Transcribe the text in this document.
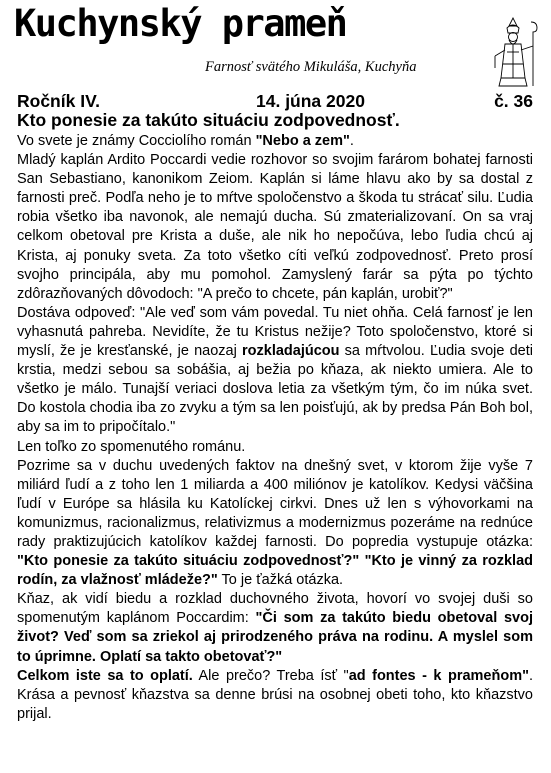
Kuchynský prameň
Farnosť svätého Mikuláša, Kuchyňa
Ročník IV.	14. júna 2020	č. 36
Kto ponesie za takúto situáciu zodpovednosť.

Vo svete je známy Cocciolího román "Nebo a zem".

Mladý kaplán Ardito Poccardi vedie rozhovor so svojim farárom bohatej farnosti San Sebastiano, kanonikom Zeiom. Kaplán si láme hlavu ako by sa dostal z farnosti preč. Podľa neho je to mŕtve spoločenstvo a škoda tu strácať silu. Ľudia robia všetko iba navonok, ale nemajú ducha. Sú zmaterializovaní. On sa vraj celkom obetoval pre Krista a duše, ale nik ho nepočúva, lebo ľudia chcú aj Krista, aj ponuky sveta. Za toto všetko cíti veľkú zodpovednosť. Preto prosí svojho principála, aby mu pomohol. Zamyslený farár sa pýta po týchto zdôrazňovaných dôvodoch: "A prečo to chcete, pán kaplán, urobiť?"

Dostáva odpoveď: "Ale veď som vám povedal. Tu niet ohňa. Celá farnosť je len vyhasnutá pahreba. Nevidíte, že tu Kristus nežije? Toto spoločenstvo, ktoré si myslí, že je kresťanské, je naozaj rozkladajúcou sa mŕtvolou. Ľudia svoje deti krstia, medzi sebou sa sobášia, aj bežia po kňaza, ak niekto umiera. Ale to všetko je málo. Tunajší veriaci doslova letia za všetkým tým, čo im núka svet. Do kostola chodia iba zo zvyku a tým sa len poisťujú, ak by predsa Pán Boh bol, aby sa im to pripočítalo."

Len toľko zo spomenutého románu.

Pozrime sa v duchu uvedených faktov na dnešný svet, v ktorom žije vyše 7 miliárd ľudí a z toho len 1 miliarda a 400 miliónov je katolíkov. Kedysi väčšina ľudí v Európe sa hlásila ku Katolíckej cirkvi. Dnes už len s výhovorkami na komunizmus, racionalizmus, relativizmus a modernizmus pozeráme na rednúce rady praktizujúcich katolíkov každej farnosti. Do popredia vystupuje otázka: "Kto ponesie za takúto situáciu zodpovednosť?" "Kto je vinný za rozklad rodín, za vlažnosť mládeže?" To je ťažká otázka.

Kňaz, ak vidí biedu a rozklad duchovného života, hovorí vo svojej duši so spomenutým kaplánom Poccardim: "Či som za takúto biedu obetoval svoj život? Veď som sa zriekol aj prirodzeného práva na rodinu. A myslel som to úprimne. Oplatí sa takto obetovať?"

Celkom iste sa to oplatí. Ale prečo? Treba ísť "ad fontes - k prameňom". Krása a pevnosť kňazstva sa denne brúsi na osobnej obeti toho, kto kňazstvo prijal.
